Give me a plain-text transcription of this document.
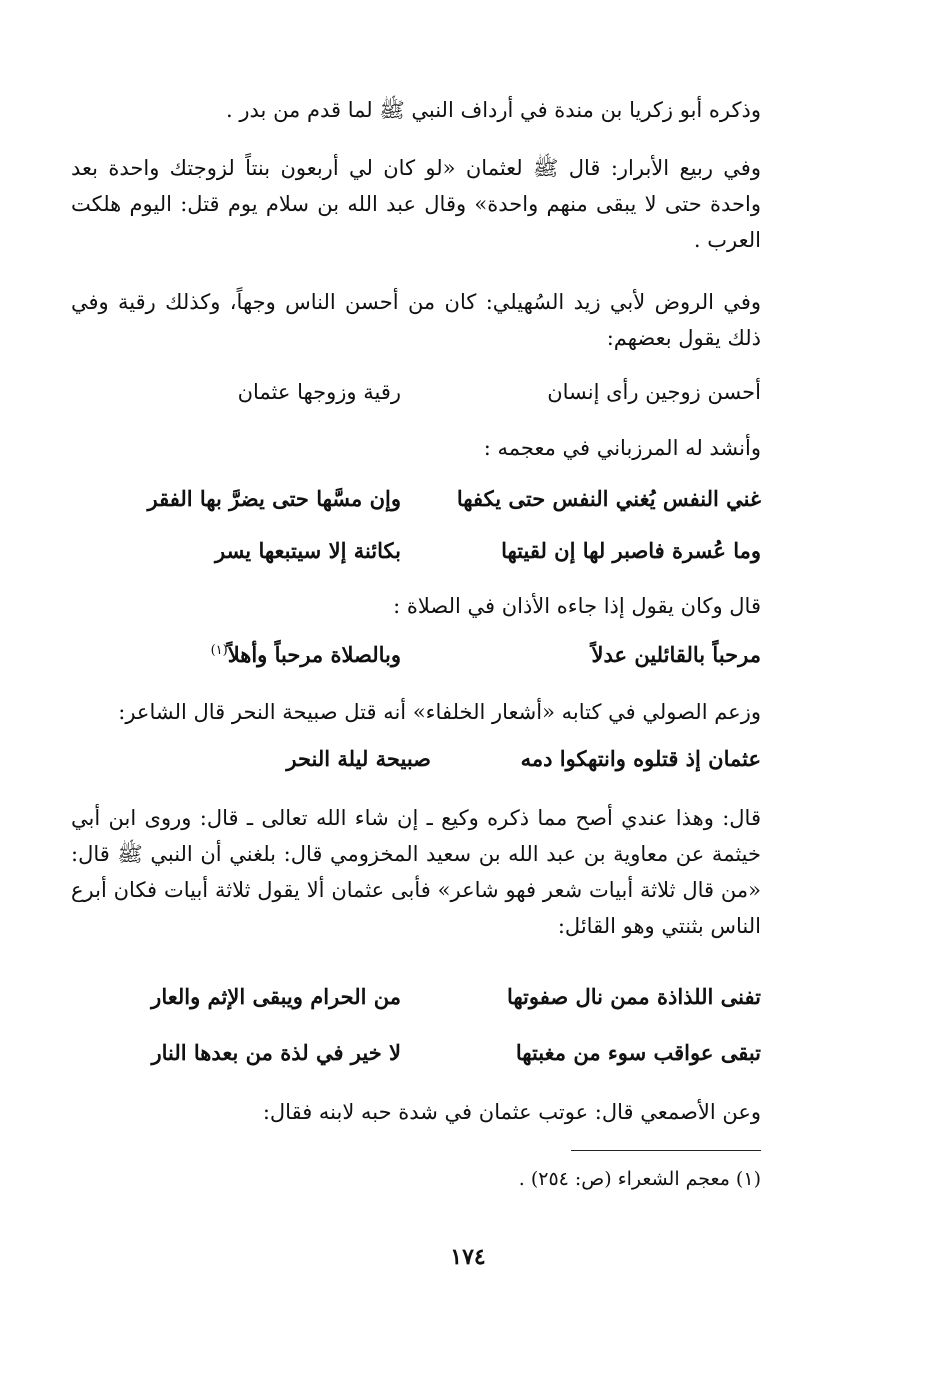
وذكره أبو زكريا بن مندة في أرداف النبي ﷺ لما قدم من بدر .

وفي ربيع الأبرار: قال ﷺ لعثمان «لو كان لي أربعون بنتاً لزوجتك واحدة بعد واحدة حتى لا يبقى منهم واحدة» وقال عبد الله بن سلام يوم قتل: اليوم هلكت العرب .

وفي الروض لأبي زيد السُهيلي: كان من أحسن الناس وجهاً، وكذلك رقية وفي ذلك يقول بعضهم:

أحسن زوجين رأى إنسان
رقية وزوجها عثمان

وأنشد له المرزباني في معجمه :

غني النفس يُغني النفس حتى يكفها
وإن مسَّها حتى يضرَّ بها الفقر
وما عُسرة فاصبر لها إن لقيتها
بكائنة إلا سيتبعها يسر

قال وكان يقول إذا جاءه الأذان في الصلاة :

مرحباً بالقائلين عدلاً
وبالصلاة مرحباً وأهلاً$^{(١)}$

وزعم الصولي في كتابه «أشعار الخلفاء» أنه قتل صبيحة النحر قال الشاعر:

عثمان إذ قتلوه وانتهكوا دمه
صبيحة ليلة النحر

قال: وهذا عندي أصح مما ذكره وكيع ـ إن شاء الله تعالى ـ قال: وروى ابن أبي خيثمة عن معاوية بن عبد الله بن سعيد المخزومي قال: بلغني أن النبي ﷺ قال: «من قال ثلاثة أبيات شعر فهو شاعر» فأبى عثمان ألا يقول ثلاثة أبيات فكان أبرع الناس بثنتي وهو القائل:

تفنى اللذاذة ممن نال صفوتها
من الحرام ويبقى الإثم والعار
تبقى عواقب سوء من مغبتها
لا خير في لذة من بعدها النار

وعن الأصمعي قال: عوتب عثمان في شدة حبه لابنه فقال:

(١) معجم الشعراء (ص: ٢٥٤) .

١٧٤
